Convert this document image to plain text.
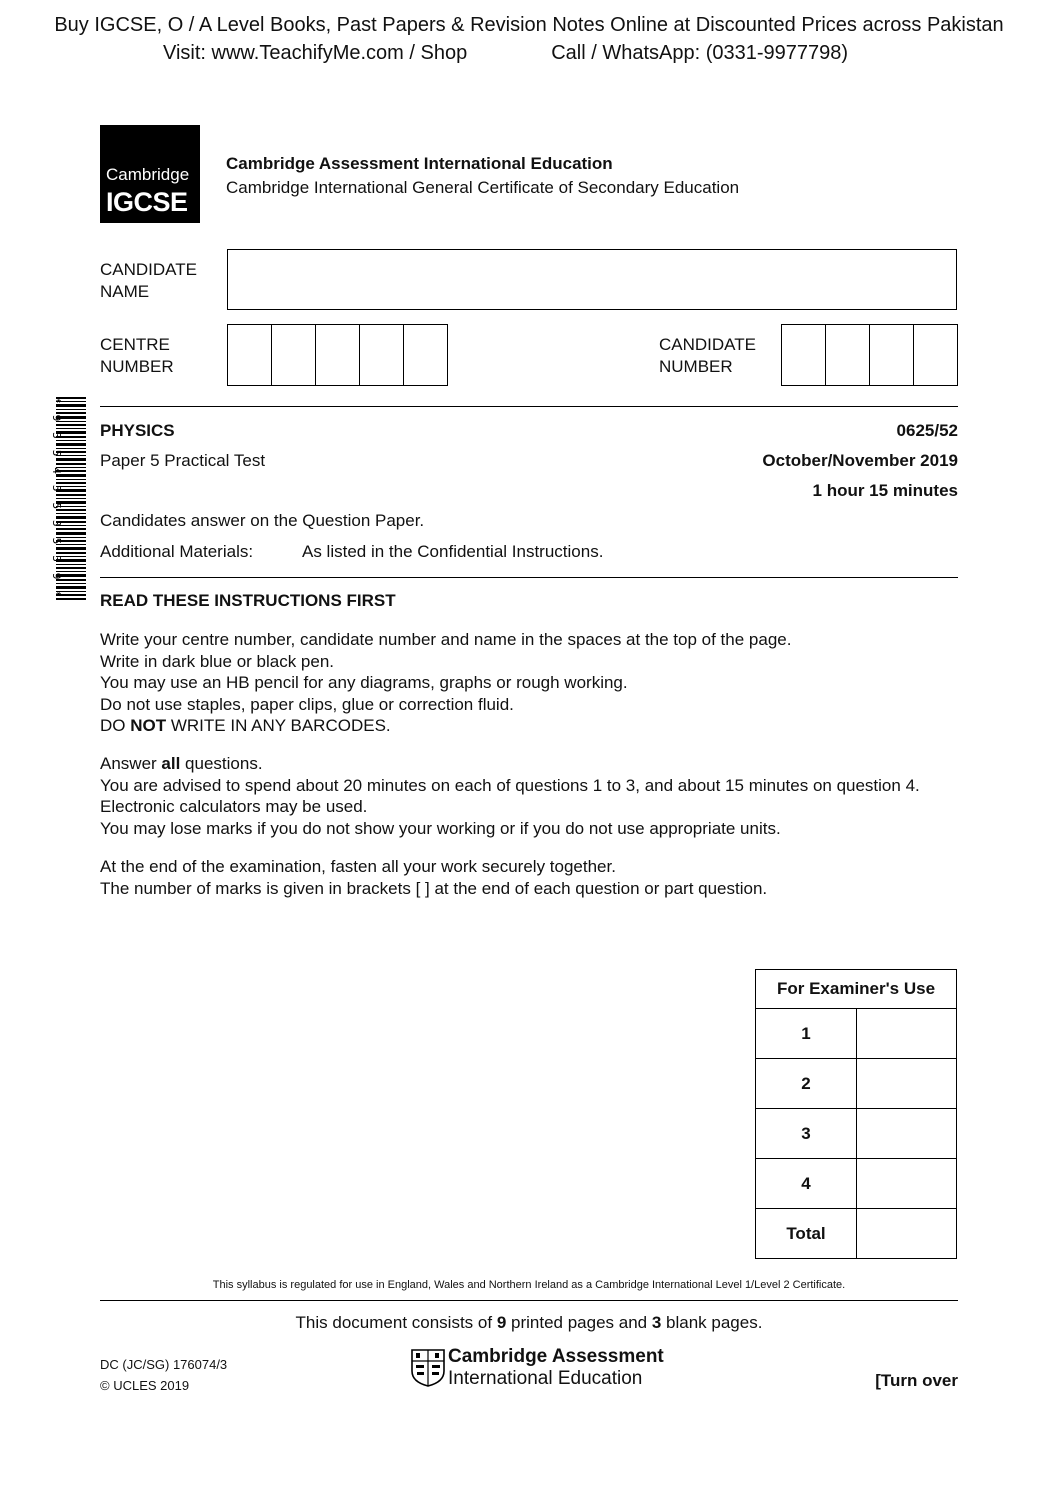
Buy IGCSE, O / A Level Books, Past Papers & Revision Notes Online at Discounted Prices across Pakistan
Visit: www.TeachifyMe.com / Shop	Call / WhatsApp: (0331-9977798)
Cambridge
IGCSE
Cambridge Assessment International Education
Cambridge International General Certificate of Secondary Education
CANDIDATE
NAME
CENTRE
NUMBER
CANDIDATE
NUMBER
*9354553539*
PHYSICS	0625/52
Paper 5 Practical Test	October/November 2019
1 hour 15 minutes
Candidates answer on the Question Paper.
Additional Materials:	As listed in the Confidential Instructions.
READ THESE INSTRUCTIONS FIRST

Write your centre number, candidate number and name in the spaces at the top of the page.

Write in dark blue or black pen.

You may use an HB pencil for any diagrams, graphs or rough working.

Do not use staples, paper clips, glue or correction fluid.

DO NOT WRITE IN ANY BARCODES.

Answer all questions.

You are advised to spend about 20 minutes on each of questions 1 to 3, and about 15 minutes on question 4.

Electronic calculators may be used.

You may lose marks if you do not show your working or if you do not use appropriate units.

At the end of the examination, fasten all your work securely together.

The number of marks is given in brackets [ ] at the end of each question or part question.

For Examiner's Use	
1	
2	
3	
4	
Total	
This syllabus is regulated for use in England, Wales and Northern Ireland as a Cambridge International Level 1/Level 2 Certificate.
This document consists of 9 printed pages and 3 blank pages.
DC (JC/SG) 176074/3
© UCLES 2019
Cambridge Assessment
International Education	[Turn over
